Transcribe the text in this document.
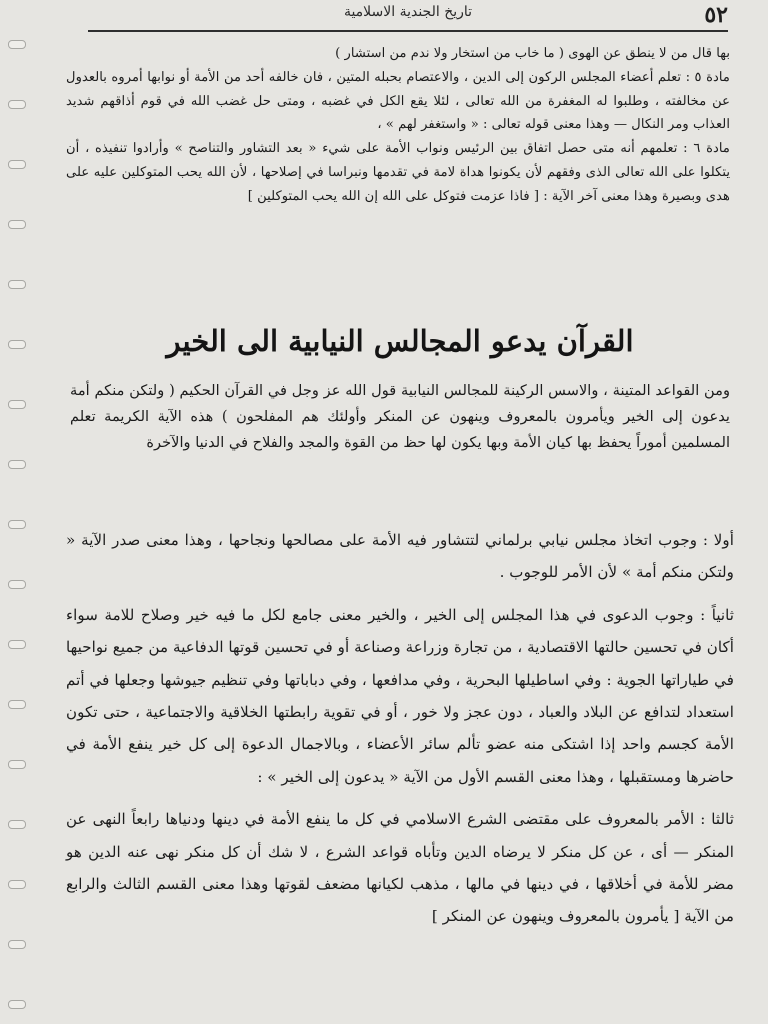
٥٢
تاريخ الجندية الاسلامية

بها قال من لا ينطق عن الهوى ( ما خاب من استخار ولا ندم من استشار )

مادة ٥ : تعلم أعضاء المجلس الركون إلى الدين ، والاعتصام بحبله المتين ، فان خالفه أحد من الأمة أو نوابها أمروه بالعدول عن مخالفته ، وطلبوا له المغفرة من الله تعالى ، لئلا يقع الكل في غضبه ، ومتى حل غضب الله في قوم أذاقهم شديد العذاب ومر النكال — وهذا معنى قوله تعالى : « واستغفر لهم » ،

مادة ٦ : تعلمهم أنه متى حصل اتفاق بين الرئيس ونواب الأمة على شيء « بعد التشاور والتناصح » وأرادوا تنفيذه ، أن يتكلوا على الله تعالى الذى وفقهم لأن يكونوا هداة لامة في تقدمها ونبراسا في إصلاحها ، لأن الله يحب المتوكلين عليه على هدى وبصيرة وهذا معنى آخر الآية : [ فاذا عزمت فتوكل على الله إن الله يحب المتوكلين ]

القرآن يدعو المجالس النيابية الى الخير

ومن القواعد المتينة ، والاسس الركينة للمجالس النيابية قول الله عز وجل في القرآن الحكيم ( ولتكن منكم أمة يدعون إلى الخير ويأمرون بالمعروف وينهون عن المنكر وأولئك هم المفلحون ) هذه الآية الكريمة تعلم المسلمين أموراً يحفظ بها كيان الأمة وبها يكون لها حظ من القوة والمجد والفلاح في الدنيا والآخرة

أولا : وجوب اتخاذ مجلس نيابي برلماني لتتشاور فيه الأمة على مصالحها ونجاحها ، وهذا معنى صدر الآية « ولتكن منكم أمة » لأن الأمر للوجوب .

ثانياً : وجوب الدعوى في هذا المجلس إلى الخير ، والخير معنى جامع لكل ما فيه خير وصلاح للامة سواء أكان في تحسين حالتها الاقتصادية ، من تجارة وزراعة وصناعة أو في تحسين قوتها الدفاعية من جميع نواحيها في طياراتها الجوية : وفي اساطيلها البحرية ، وفي مدافعها ، وفي دباباتها وفي تنظيم جيوشها وجعلها في أتم استعداد لتدافع عن البلاد والعباد ، دون عجز ولا خور ، أو في تقوية رابطتها الخلاقية والاجتماعية ، حتى تكون الأمة كجسم واحد إذا اشتكى منه عضو تألم سائر الأعضاء ، وبالاجمال الدعوة إلى كل خير ينفع الأمة في حاضرها ومستقبلها ، وهذا معنى القسم الأول من الآية « يدعون إلى الخير » :

ثالثا : الأمر بالمعروف على مقتضى الشرع الاسلامي في كل ما ينفع الأمة في دينها ودنياها رابعاً النهى عن المنكر — أى ، عن كل منكر لا يرضاه الدين وتأباه قواعد الشرع ، لا شك أن كل منكر نهى عنه الدين هو مضر للأمة في أخلاقها ، في دينها في مالها ، مذهب لكيانها مضعف لقوتها وهذا معنى القسم الثالث والرابع من الآية [ يأمرون بالمعروف وينهون عن المنكر ]
